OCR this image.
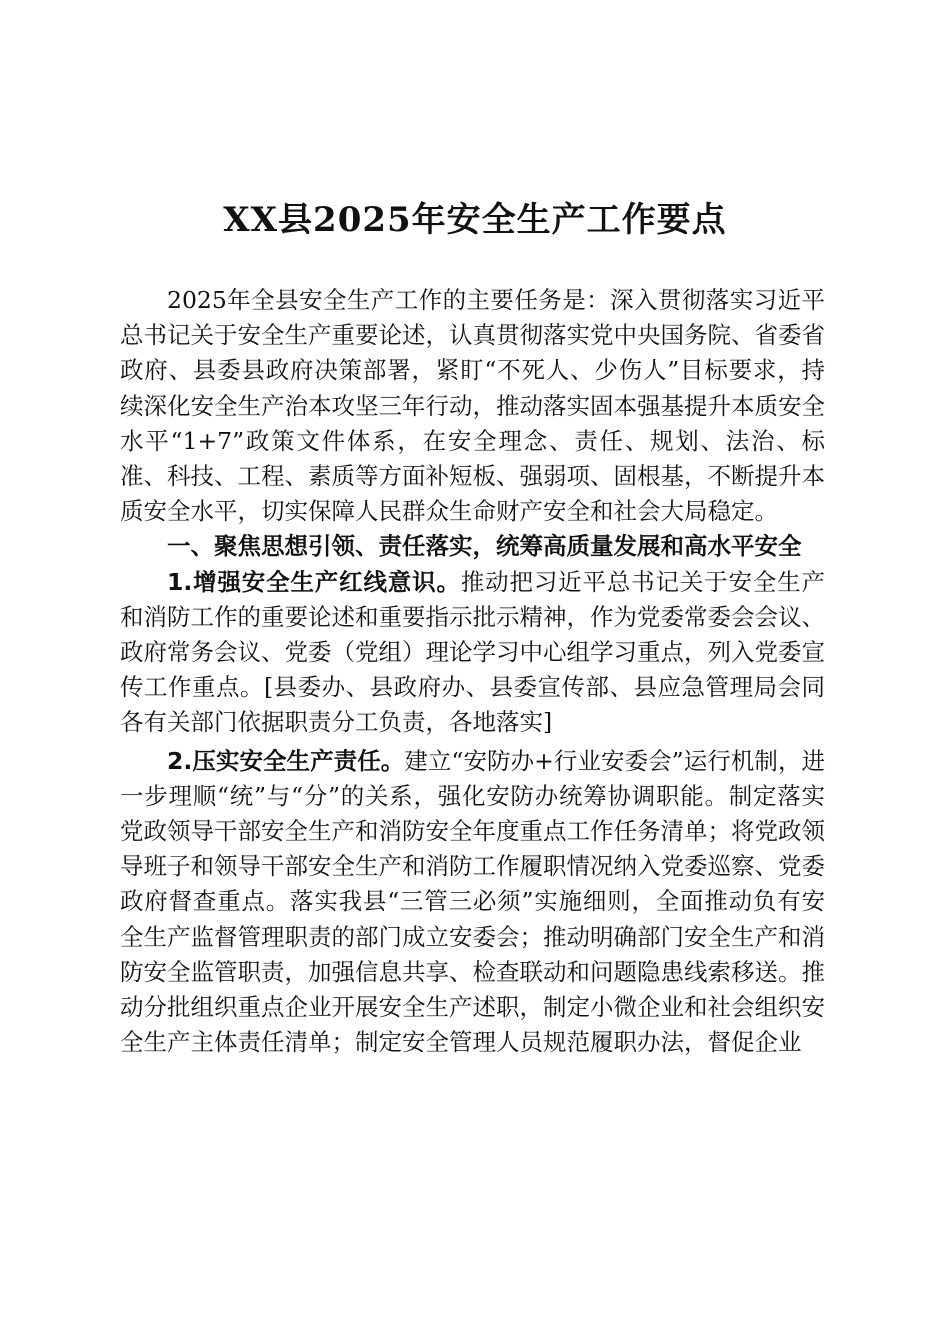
XX县2025年安全生产工作要点

2025年全县安全生产工作的主要任务是：深入贯彻落实习近平总书记关于安全生产重要论述，认真贯彻落实党中央国务院、省委省政府、县委县政府决策部署，紧盯“不死人、少伤人”目标要求，持续深化安全生产治本攻坚三年行动，推动落实固本强基提升本质安全水平“1+7”政策文件体系，在安全理念、责任、规划、法治、标准、科技、工程、素质等方面补短板、强弱项、固根基，不断提升本质安全水平，切实保障人民群众生命财产安全和社会大局稳定。

一、聚焦思想引领、责任落实，统筹高质量发展和高水平安全

1.增强安全生产红线意识。推动把习近平总书记关于安全生产和消防工作的重要论述和重要指示批示精神，作为党委常委会会议、政府常务会议、党委（党组）理论学习中心组学习重点，列入党委宣传工作重点。[县委办、县政府办、县委宣传部、县应急管理局会同各有关部门依据职责分工负责，各地落实]

2.压实安全生产责任。建立“安防办+行业安委会”运行机制，进一步理顺“统”与“分”的关系，强化安防办统筹协调职能。制定落实党政领导干部安全生产和消防安全年度重点工作任务清单；将党政领导班子和领导干部安全生产和消防工作履职情况纳入党委巡察、党委政府督查重点。落实我县“三管三必须”实施细则，全面推动负有安全生产监督管理职责的部门成立安委会；推动明确部门安全生产和消防安全监管职责，加强信息共享、检查联动和问题隐患线索移送。推动分批组织重点企业开展安全生产述职，制定小微企业和社会组织安全生产主体责任清单；制定安全管理人员规范履职办法，督促企业
